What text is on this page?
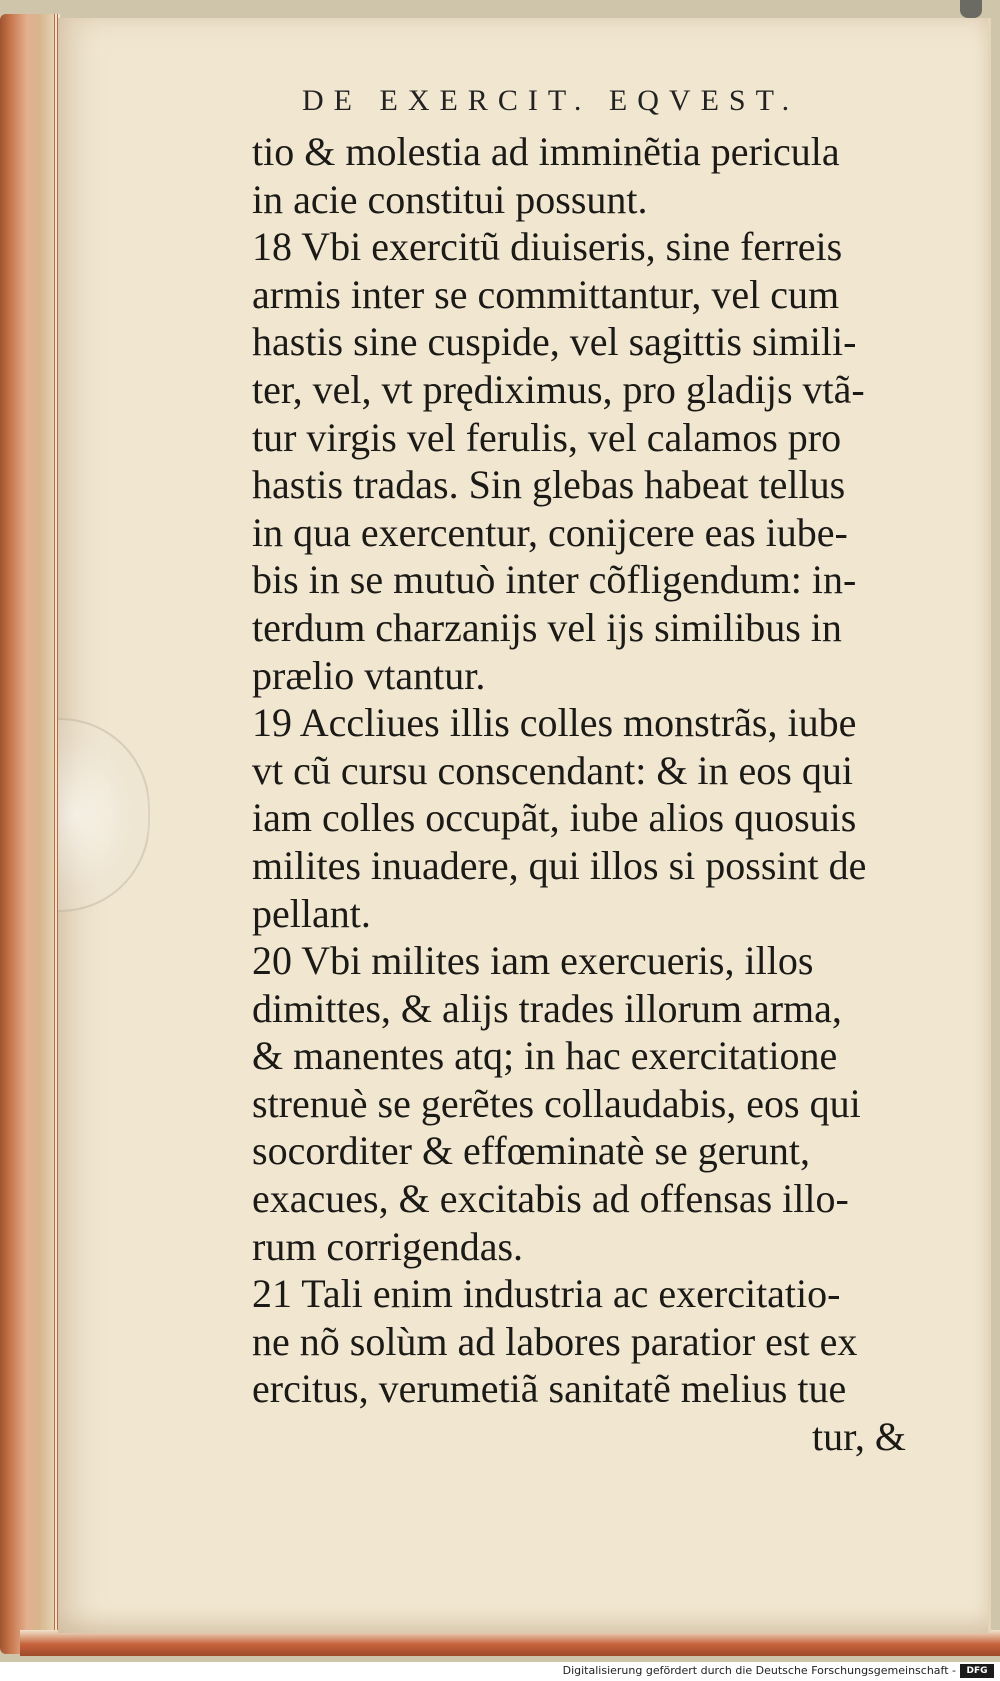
DE EXERCIT. EQVEST.
tio & molestia ad imminẽtia pericula
in acie constitui possunt.
18 Vbi exercitũ diuiseris, sine ferreis
armis inter se committantur, vel cum
hastis sine cuspide, vel sagittis simili-
ter, vel, vt prędiximus, pro gladijs vtã-
tur virgis vel ferulis, vel calamos pro
hastis tradas. Sin glebas habeat tellus
in qua exercentur, conijcere eas iube-
bis in se mutuò inter cõfligendum: in-
terdum charzanijs vel ijs similibus in
prælio vtantur.
19 Accliues illis colles monstrãs, iube
vt cũ cursu conscendant: & in eos qui
iam colles occupãt, iube alios quosuis
milites inuadere, qui illos si possint de
pellant.
20 Vbi milites iam exercueris, illos
dimittes, & alijs trades illorum arma,
& manentes atq; in hac exercitatione
strenuè se gerẽtes collaudabis, eos qui
socorditer & effœminatè se gerunt,
exacues, & excitabis ad offensas illo-
rum corrigendas.
21 Tali enim industria ac exercitatio-
ne nõ solùm ad labores paratior est ex
ercitus, verumetiã sanitatẽ melius tue
tur, &
Digitalisierung gefördert durch die Deutsche Forschungsgemeinschaft -	DFG
